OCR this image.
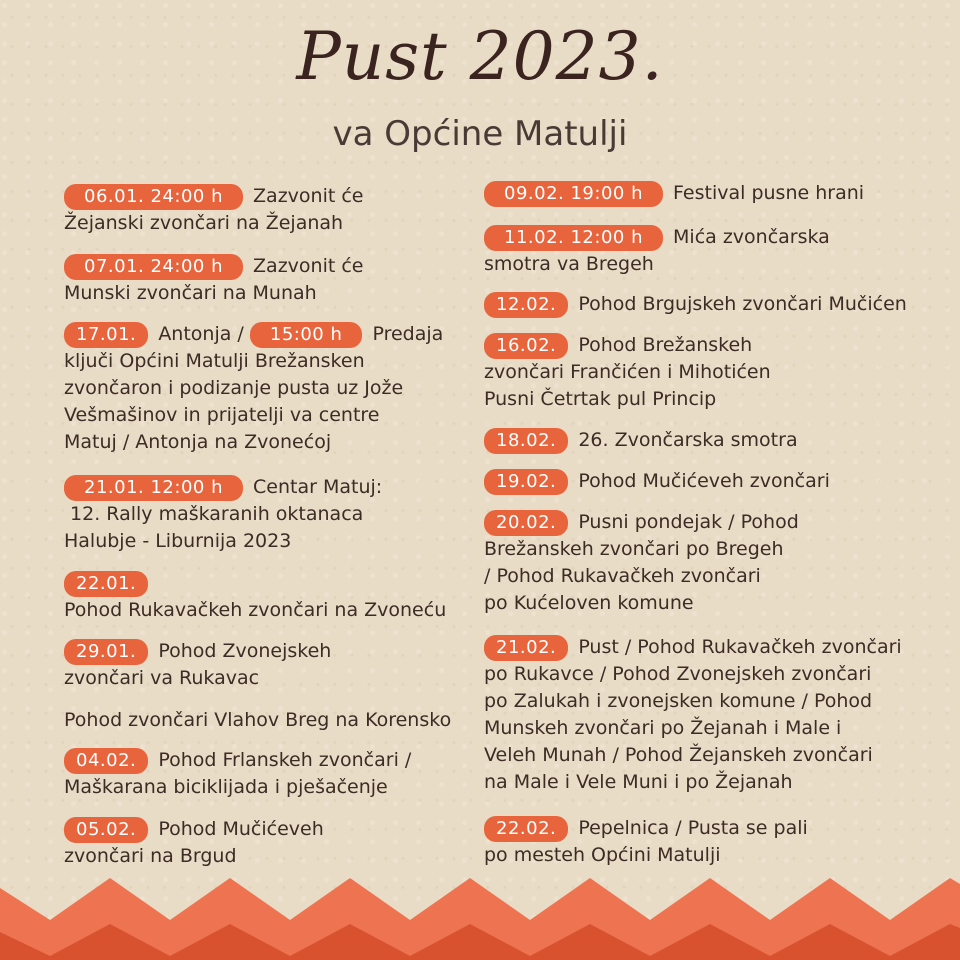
Pust 2023.
va Općine Matulji
06.01. 24:00 h Zazvonit će
Žejanski zvončari na Žejanah
07.01. 24:00 h Zazvonit će
Munski zvončari na Munah
17.01. Antonja / 15:00 h Predaja
ključi Općini Matulji Brežansken
zvončaron i podizanje pusta uz Jože
Vešmašinov in prijatelji va centre
Matuj / Antonja na Zvonećoj
21.01. 12:00 h Centar Matuj:
12. Rally maškaranih oktanaca
Halubje - Liburnija 2023
22.01.
Pohod Rukavačkeh zvončari na Zvoneću
29.01. Pohod Zvonejskeh
zvončari va Rukavac
Pohod zvončari Vlahov Breg na Korensko
04.02. Pohod Frlanskeh zvončari /
Maškarana biciklijada i pješačenje
05.02. Pohod Mučićeveh
zvončari na Brgud
09.02. 19:00 h Festival pusne hrani
11.02. 12:00 h Mića zvončarska
smotra va Bregeh
12.02. Pohod Brgujskeh zvončari Mučićen
16.02. Pohod Brežanskeh
zvončari Frančićen i Mihotićen
Pusni Četrtak pul Princip
18.02. 26. Zvončarska smotra
19.02. Pohod Mučićeveh zvončari
20.02. Pusni pondejak / Pohod
Brežanskeh zvončari po Bregeh
/ Pohod Rukavačkeh zvončari
po Kućeloven komune
21.02. Pust / Pohod Rukavačkeh zvončari
po Rukavce / Pohod Zvonejskeh zvončari
po Zalukah i zvonejsken komune / Pohod
Munskeh zvončari po Žejanah i Male i
Veleh Munah / Pohod Žejanskeh zvončari
na Male i Vele Muni i po Žejanah
22.02. Pepelnica / Pusta se pali
po mesteh Općini Matulji
